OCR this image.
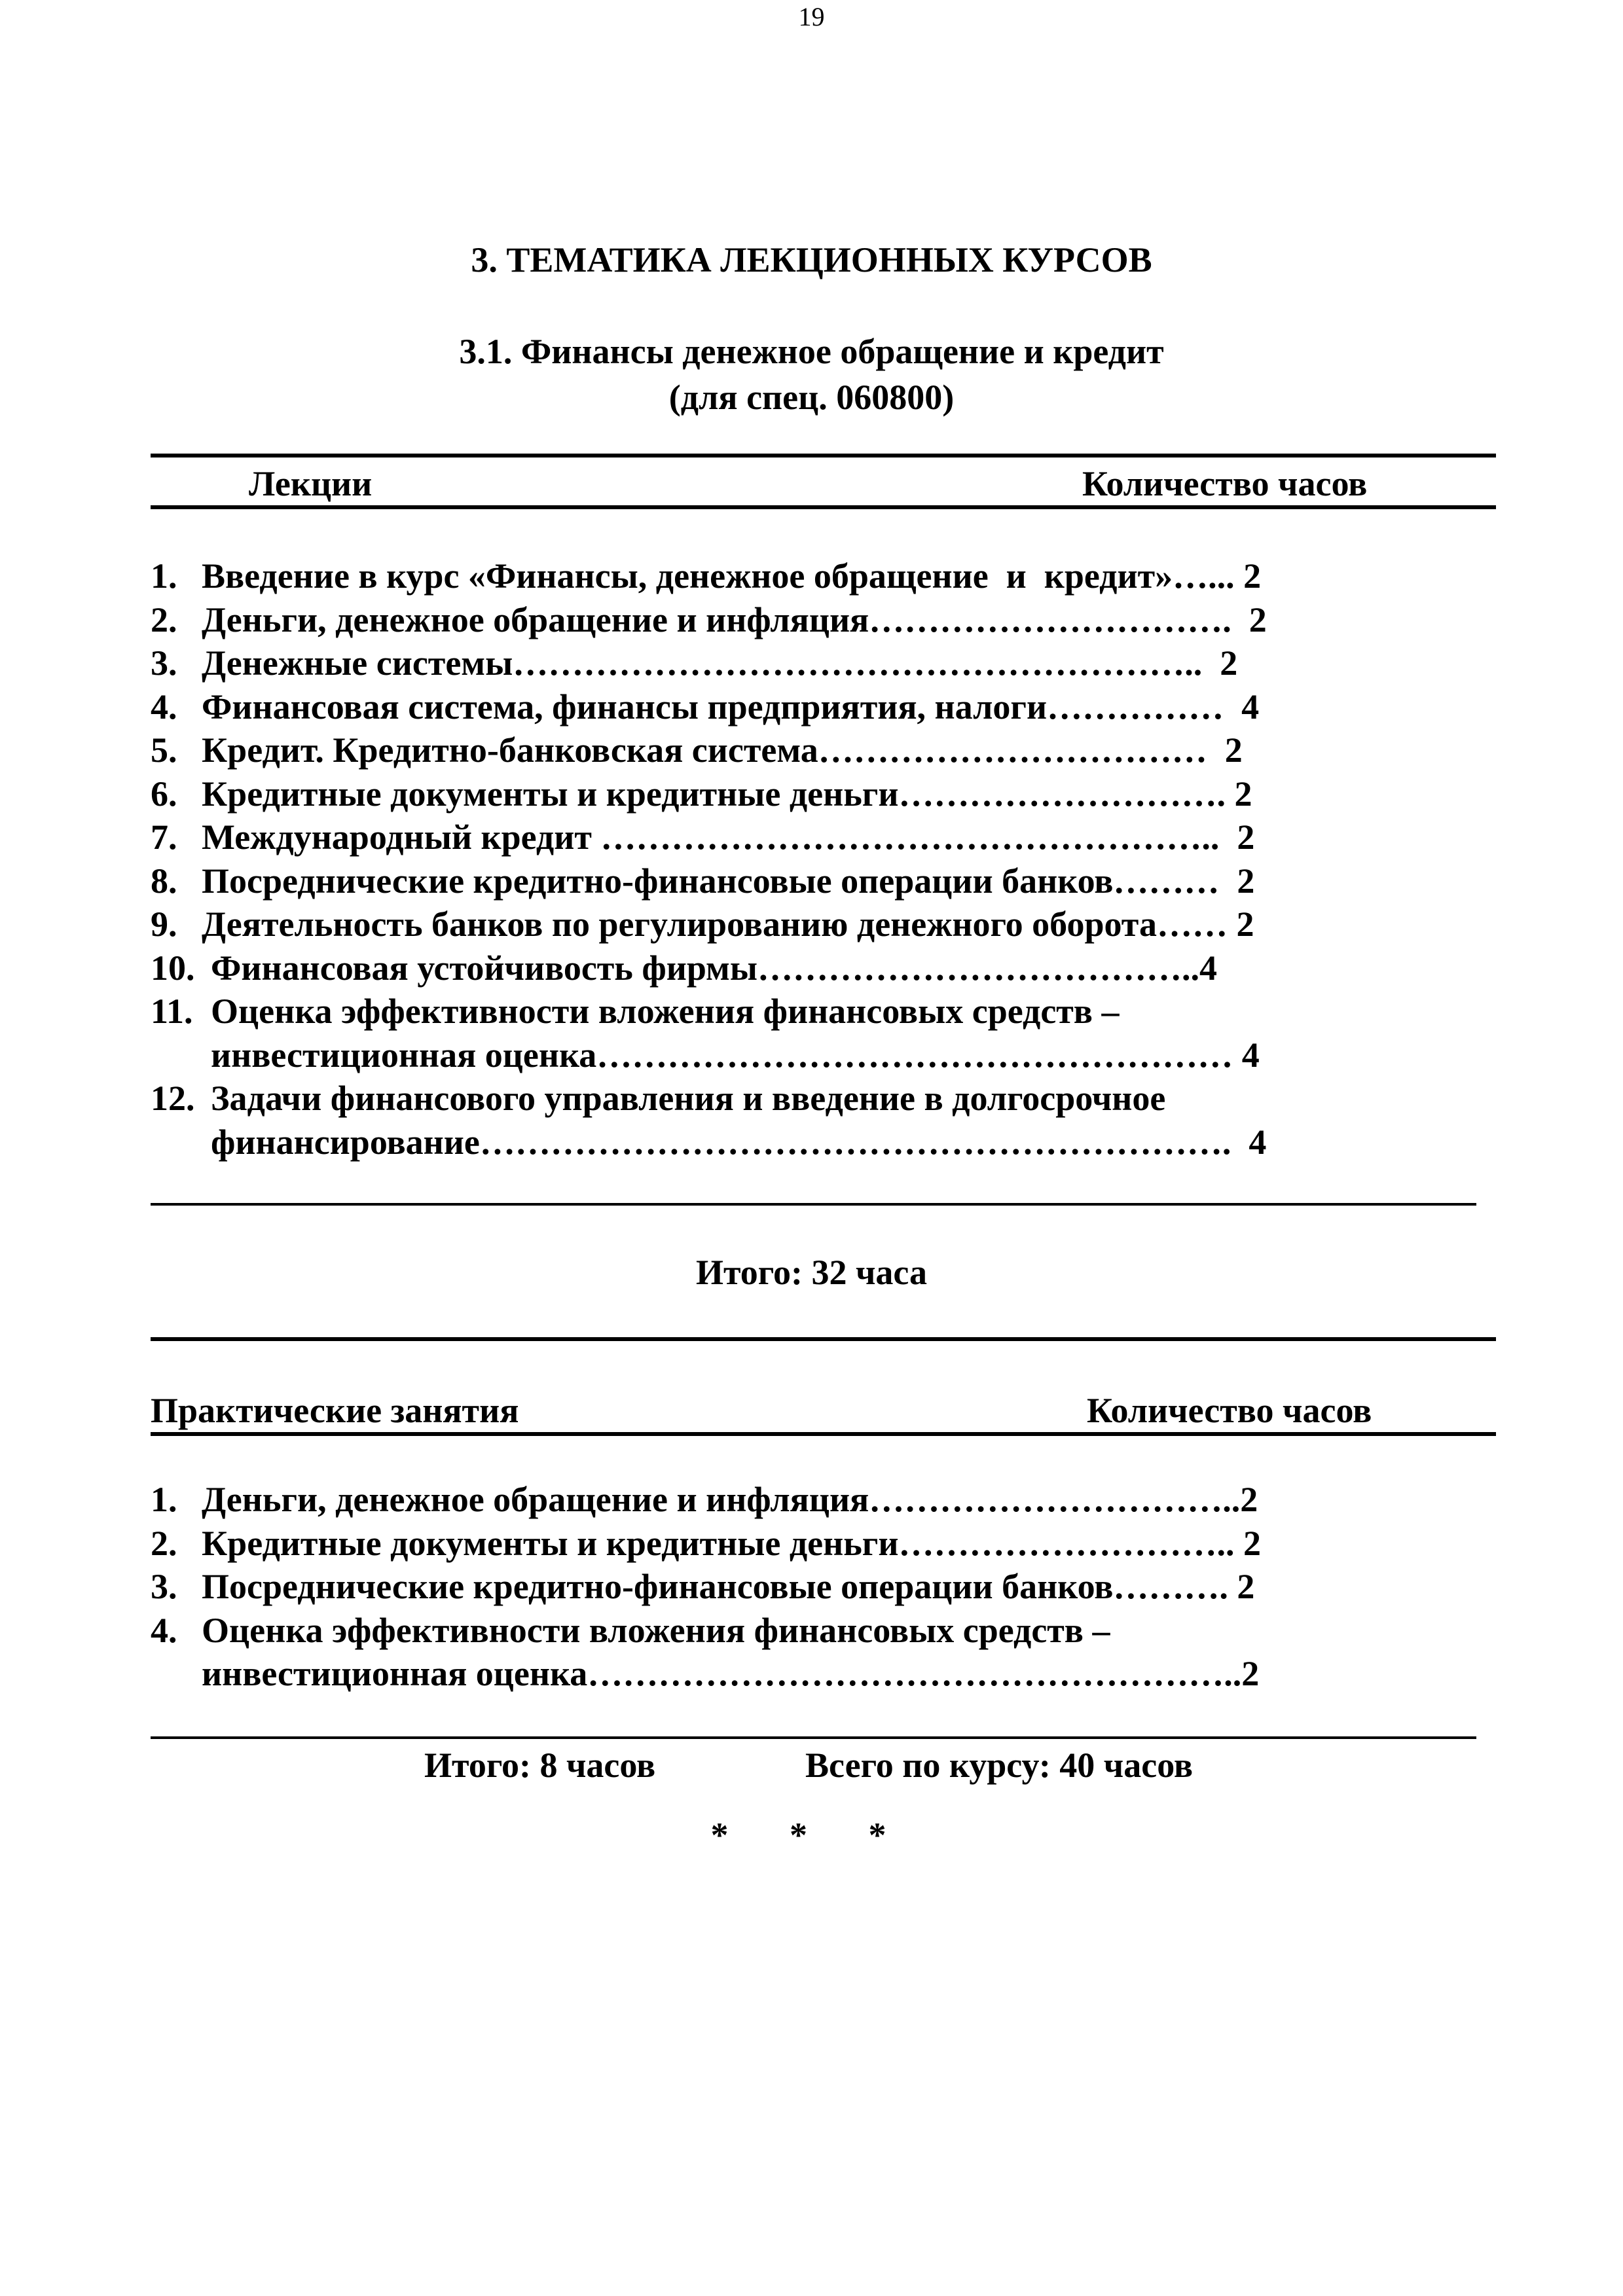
19
3. ТЕМАТИКА ЛЕКЦИОННЫХ КУРСОВ
3.1. Финансы денежное обращение и кредит
(для спец. 060800)
Лекции	Количество часов
1. Введение в курс «Финансы, денежное обращение  и  кредит»…... 2
2. Деньги, денежное обращение и инфляция………………………….  2
3. Денежные системы…………………………………………………..  2
4. Финансовая система, финансы предприятия, налоги……………  4
5. Кредит. Кредитно-банковская система……………………………  2
6. Кредитные документы и кредитные деньги………………………. 2
7. Международный кредит ……………………………………………..  2
8. Посреднические кредитно-финансовые операции банков………  2
9. Деятельность банков по регулированию денежного оборота…… 2
10. Финансовая устойчивость фирмы………………………………..4
11. Оценка эффективности вложения финансовых средств –
инвестиционная оценка……………………………………………… 4
12. Задачи финансового управления и введение в долгосрочное
финансирование……………………………………………………….  4
Итого: 32 часа
Практические занятия	Количество часов
1. Деньги, денежное обращение и инфляция…………………………..2
2. Кредитные документы и кредитные деньги……………………….. 2
3. Посреднические кредитно-финансовые операции банков………. 2
4. Оценка эффективности вложения финансовых средств –
инвестиционная оценка………………………………………………..2
Итого: 8 часов	Всего по курсу: 40 часов
* * *
